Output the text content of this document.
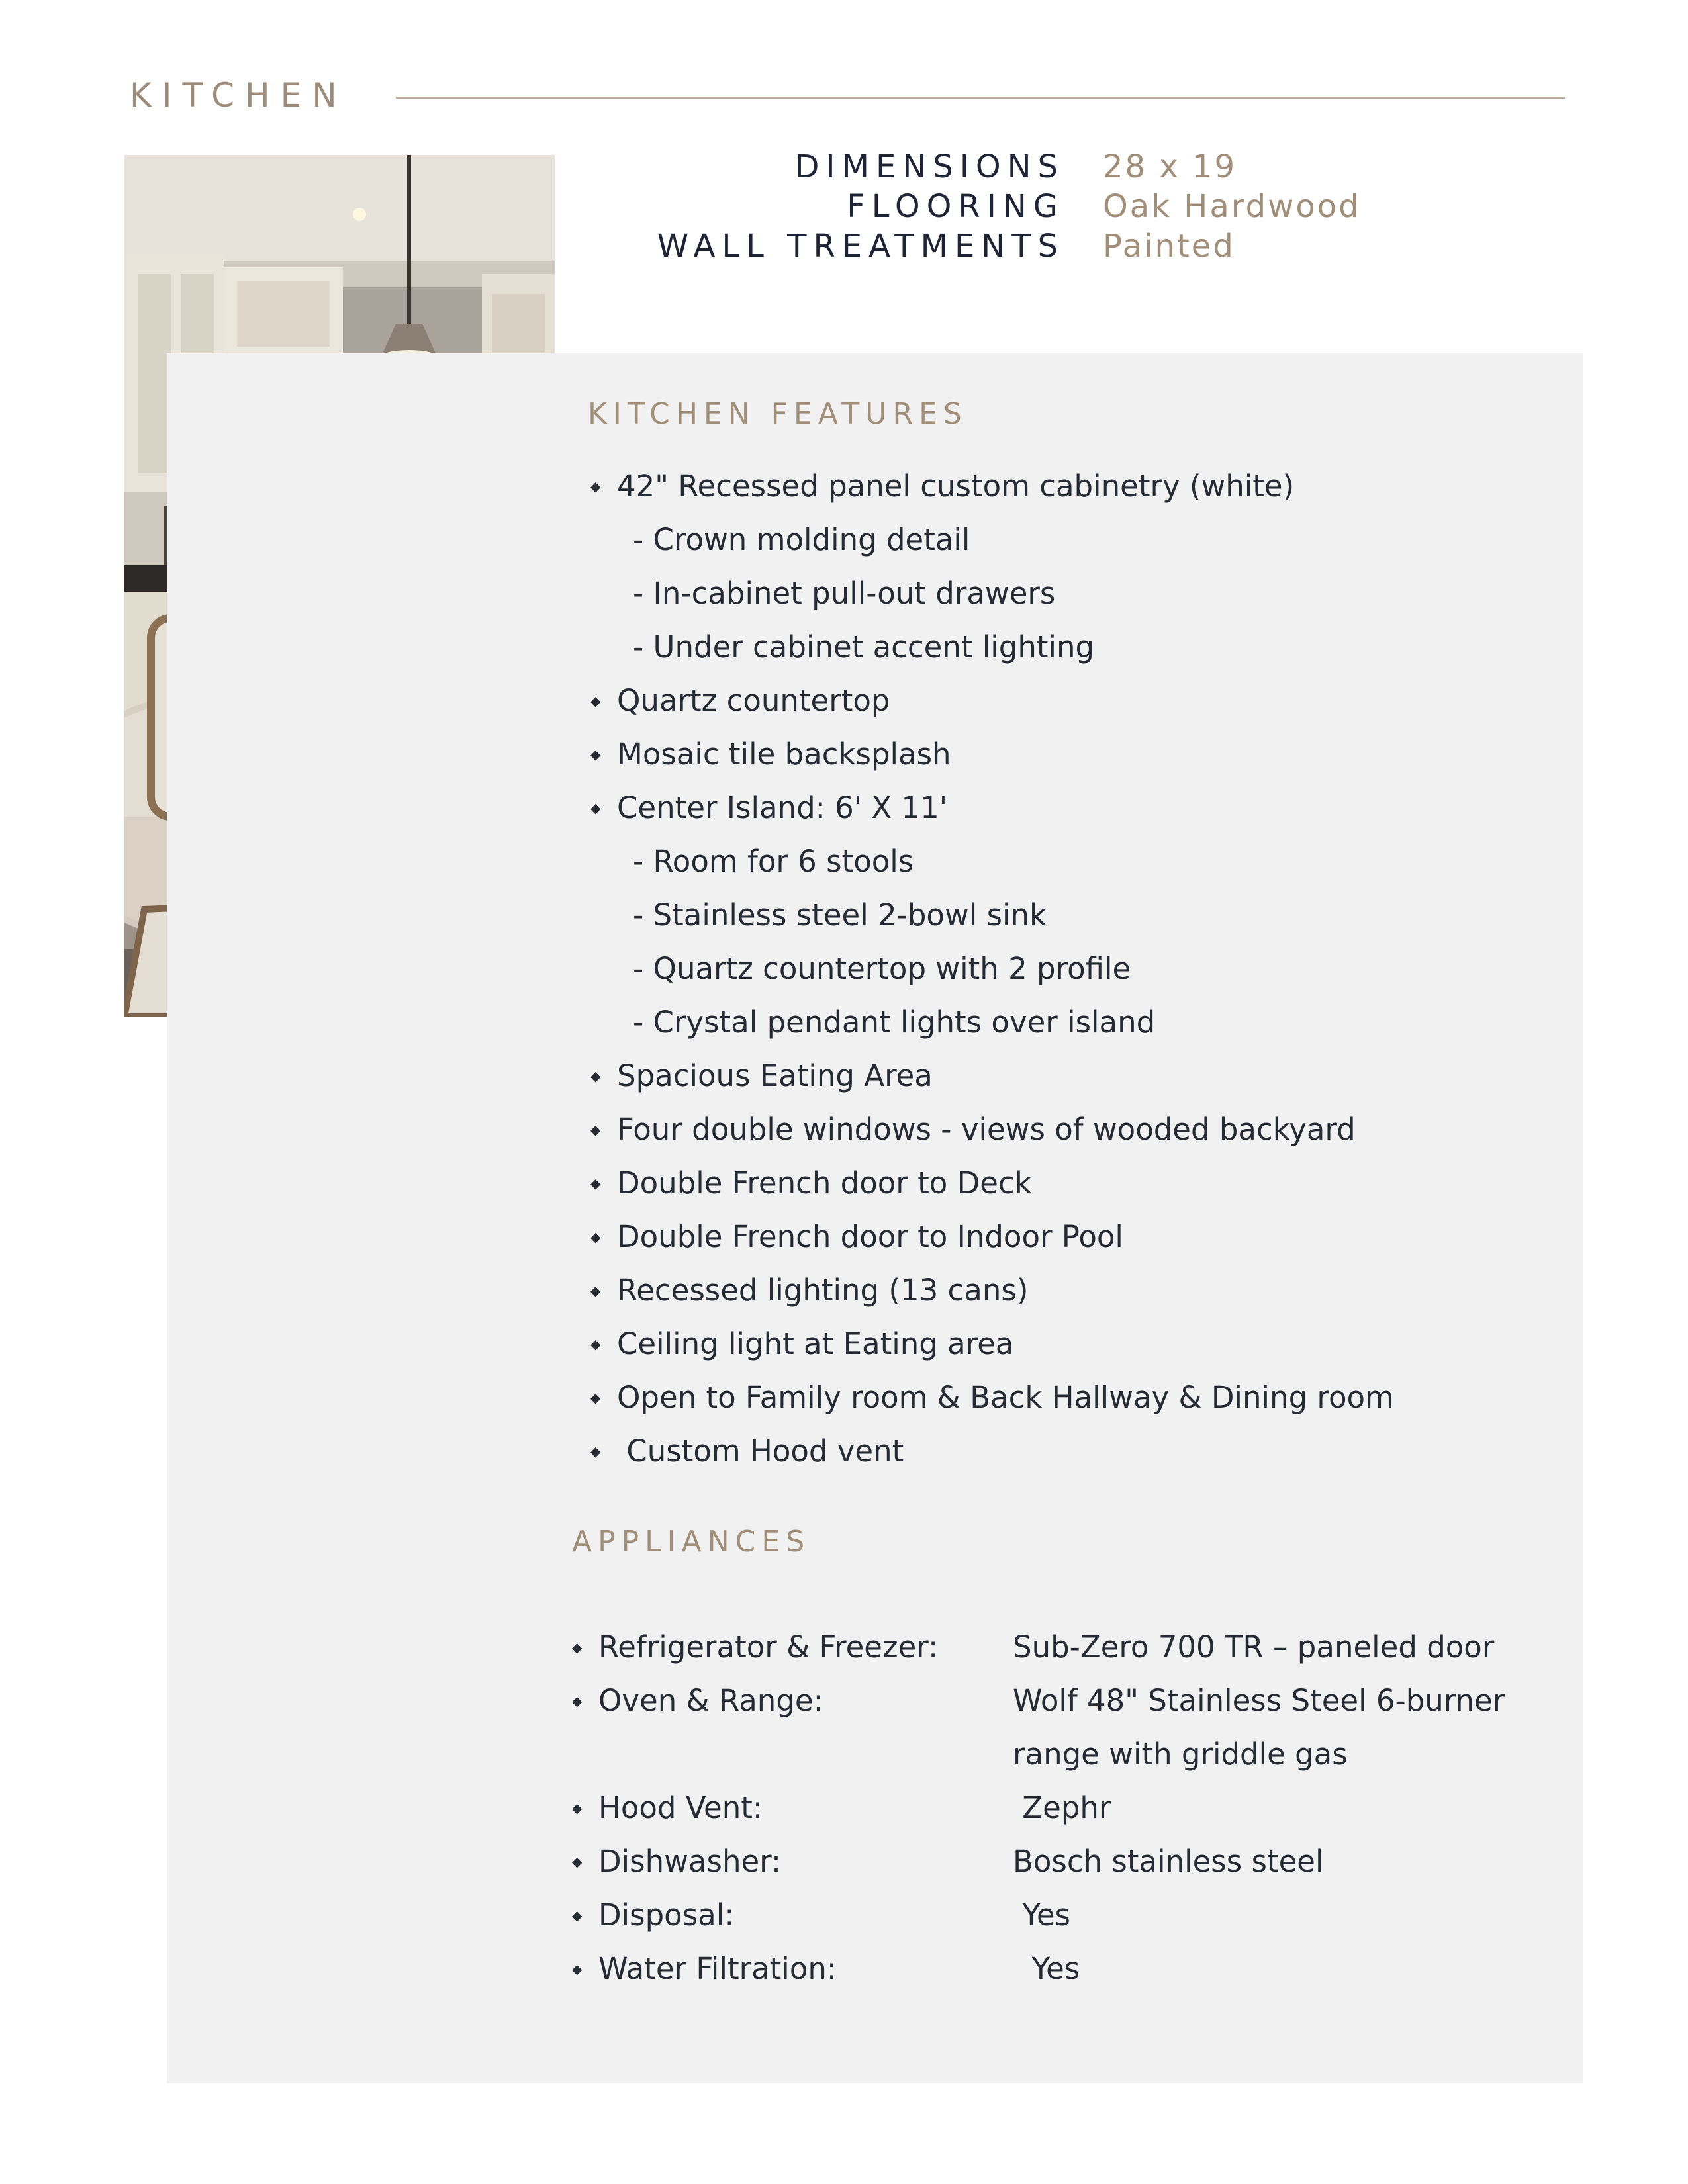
KITCHEN
DIMENSIONS 28 x 19
FLOORING Oak Hardwood
WALL TREATMENTS Painted
KITCHEN FEATURES
◆ 42" Recessed panel custom cabinetry (white)
- Crown molding detail
- In-cabinet pull-out drawers
- Under cabinet accent lighting
◆ Quartz countertop
◆ Mosaic tile backsplash
◆ Center Island: 6' X 11'
- Room for 6 stools
- Stainless steel 2-bowl sink
- Quartz countertop with 2 profile
- Crystal pendant lights over island
◆ Spacious Eating Area
◆ Four double windows - views of wooded backyard
◆ Double French door to Deck
◆ Double French door to Indoor Pool
◆ Recessed lighting (13 cans)
◆ Ceiling light at Eating area
◆ Open to Family room & Back Hallway & Dining room
◆ Custom Hood vent
APPLIANCES
◆ Refrigerator & Freezer:	Sub-Zero 700 TR – paneled door
◆ Oven & Range:	Wolf 48" Stainless Steel 6-burner
range with griddle gas
◆ Hood Vent:	Zephr
◆ Dishwasher:	Bosch stainless steel
◆ Disposal:	Yes
◆ Water Filtration:	Yes
